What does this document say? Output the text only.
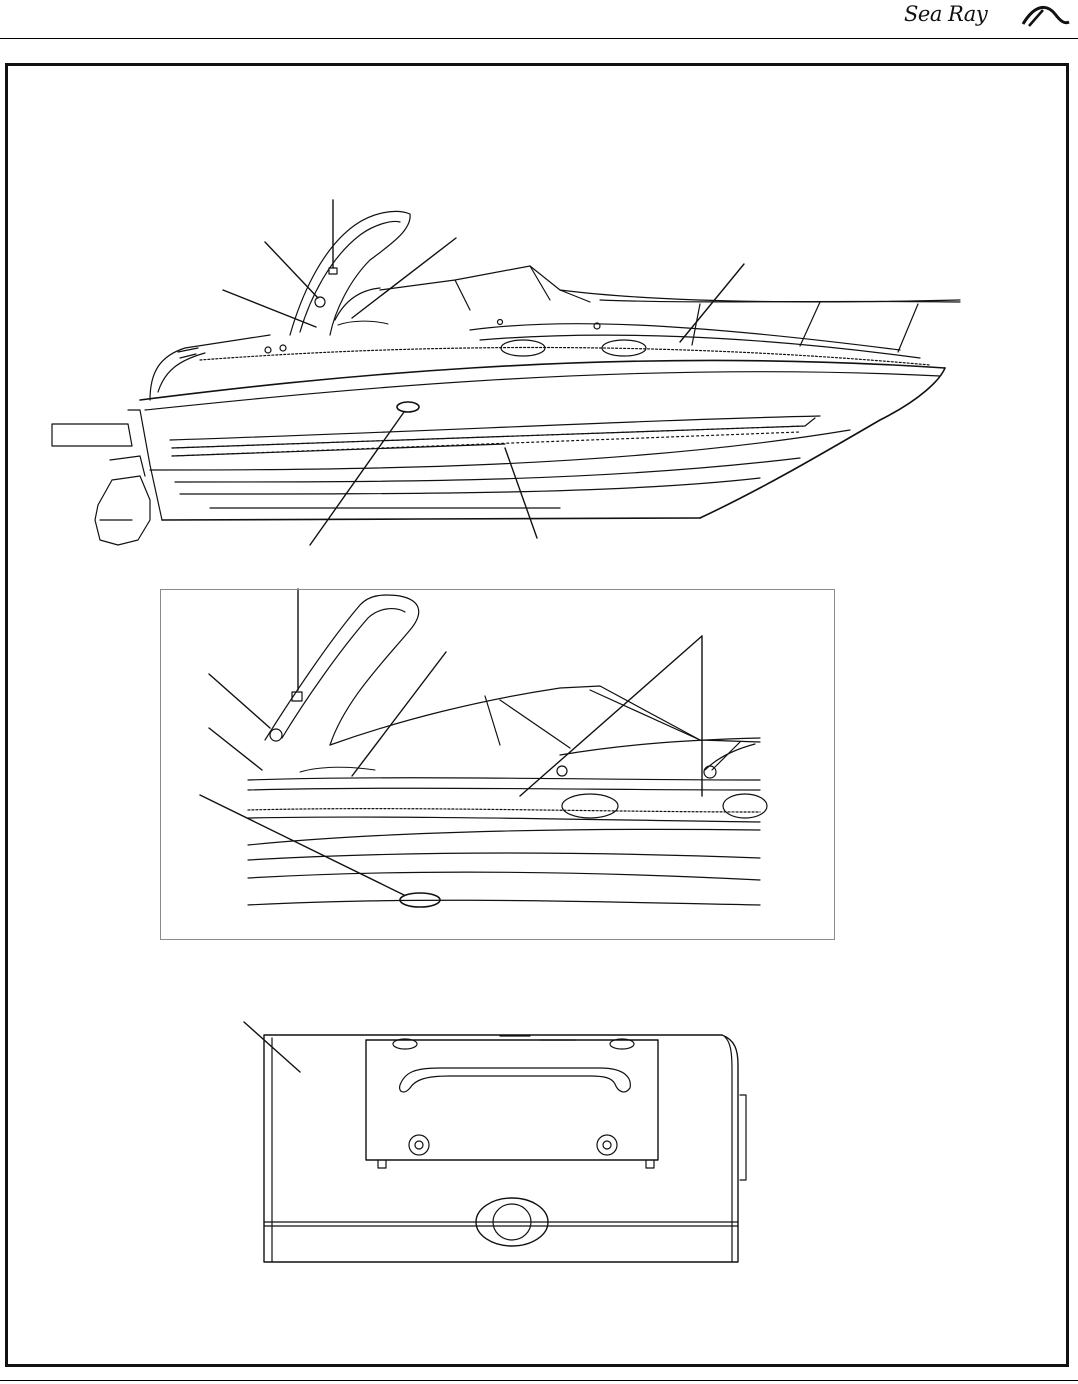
Sea Ray
